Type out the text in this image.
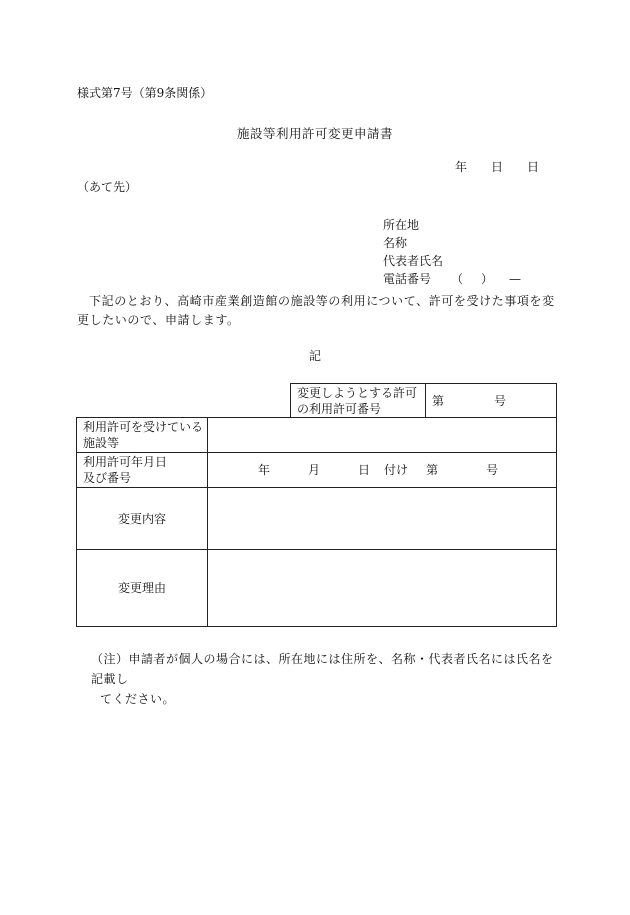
様式第7号（第9条関係）
施設等利用許可変更申請書
年 日 日
（あて先）
所在地
名称
代表者氏名
電話番号 （ ） —
下記のとおり、高崎市産業創造館の施設等の利用について、許可を受けた事項を変更したいので、申請します。
記

		変更しようとする許可
の利用許可番号	第 号

利用許可を受けている
施設等			

利用許可年月日
及び番号	年 月 日 付け 第 号		
変更内容			
変更理由			
（注）申請者が個人の場合には、所在地には住所を、名称・代表者氏名には氏名を記載し
てください。
